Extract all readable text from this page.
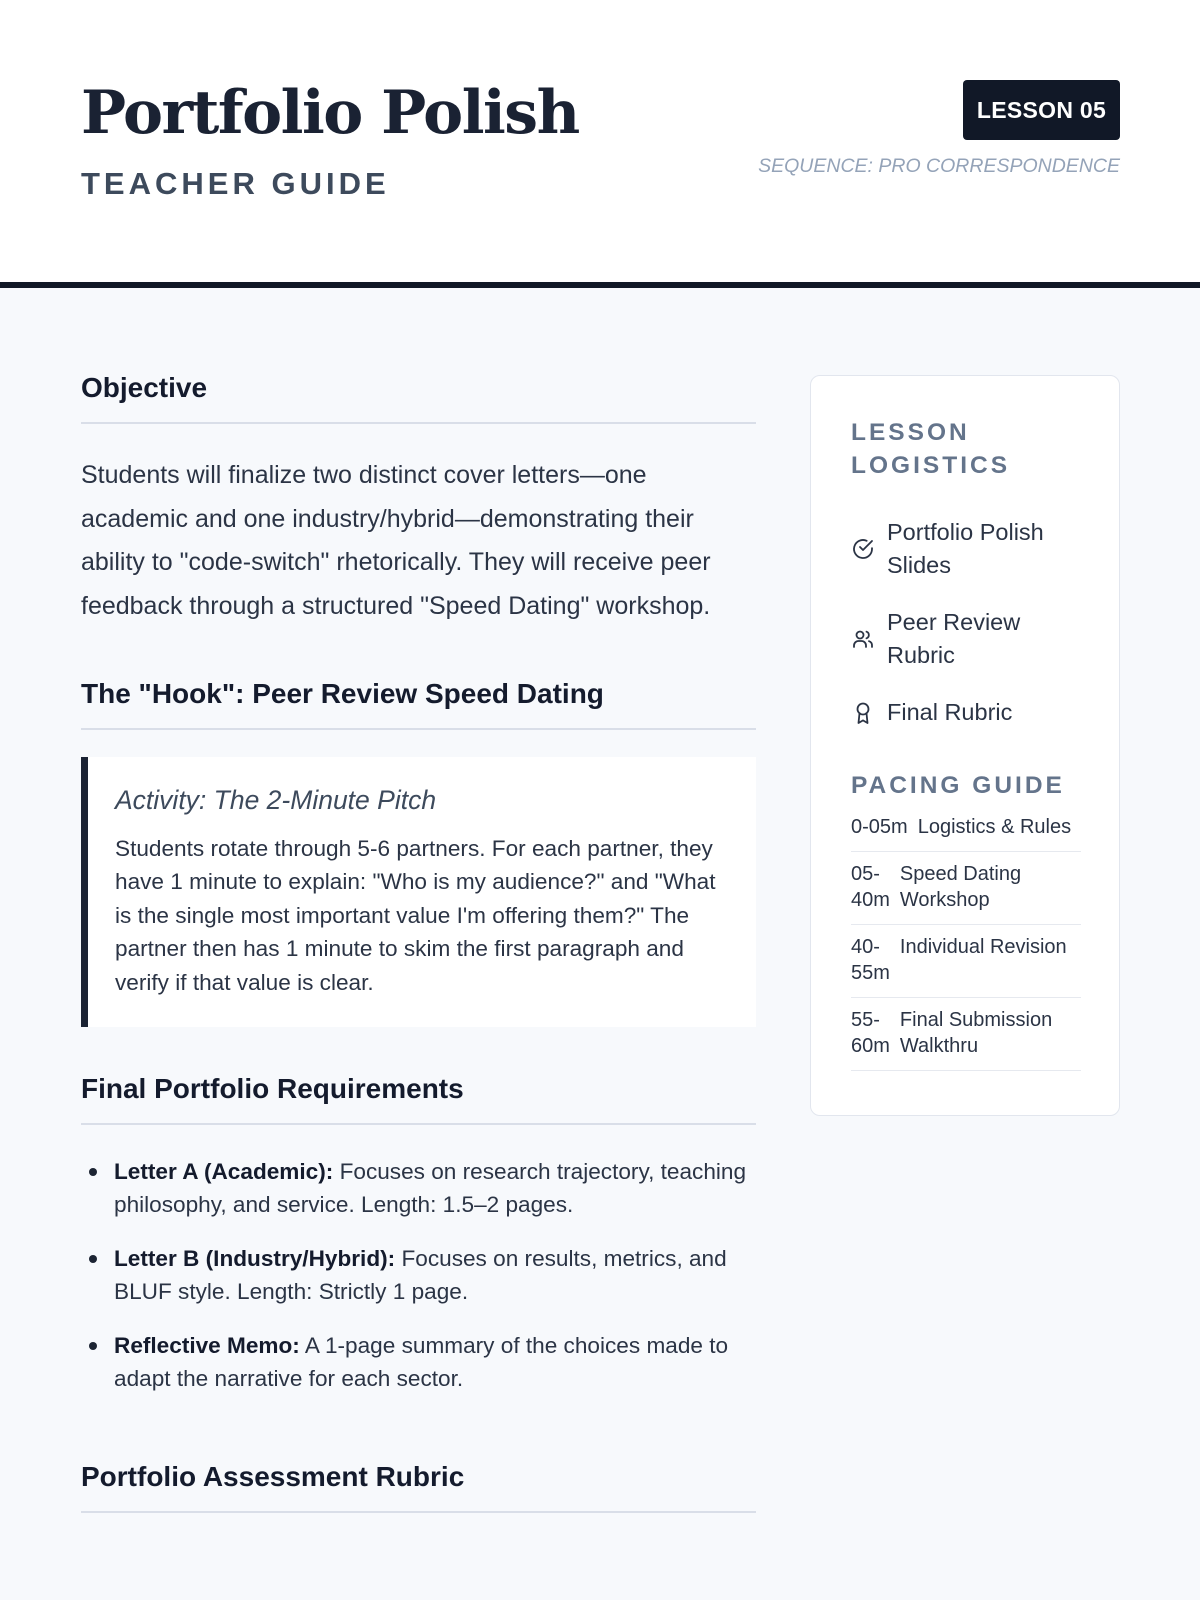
Portfolio Polish
TEACHER GUIDE
LESSON 05
SEQUENCE: PRO CORRESPONDENCE
Objective

Students will finalize two distinct cover letters—one academic and one industry/hybrid—demonstrating their ability to "code-switch" rhetorically. They will receive peer feedback through a structured "Speed Dating" workshop.

The "Hook": Peer Review Speed Dating
Activity: The 2-Minute Pitch

Students rotate through 5-6 partners. For each partner, they have 1 minute to explain: "Who is my audience?" and "What is the single most important value I'm offering them?" The partner then has 1 minute to skim the first paragraph and verify if that value is clear.

Final Portfolio Requirements
Letter A (Academic): Focuses on research trajectory, teaching philosophy, and service. Length: 1.5–2 pages.
Letter B (Industry/Hybrid): Focuses on results, metrics, and BLUF style. Length: Strictly 1 page.
Reflective Memo: A 1-page summary of the choices made to adapt the narrative for each sector.
Portfolio Assessment Rubric
LESSON
LOGISTICS
Portfolio Polish Slides
Peer Review Rubric
Final Rubric
PACING GUIDE
0-05m Logistics & Rules
05-
40m
Speed Dating Workshop
40-
55m
Individual Revision
55-
60m
Final Submission Walkthru
